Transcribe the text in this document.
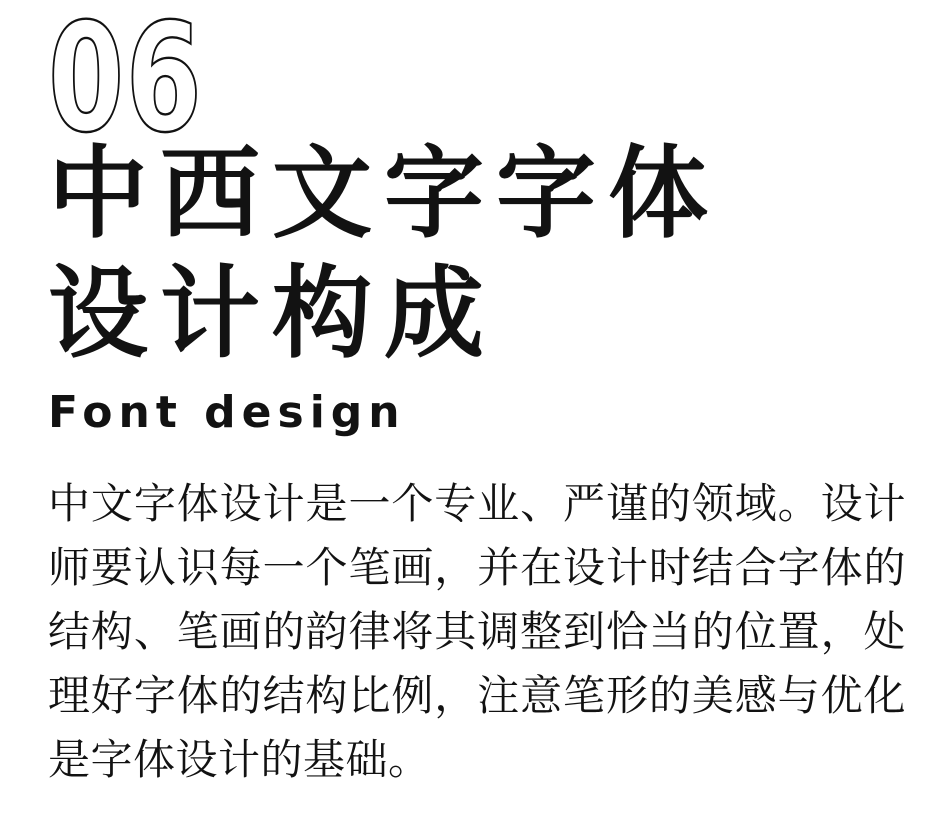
06
中西文字字体
设计构成
Font design

中文字体设计是一个专业、严谨的领域。设计师要认识每一个笔画，并在设计时结合字体的结构、笔画的韵律将其调整到恰当的位置，处理好字体的结构比例，注意笔形的美感与优化是字体设计的基础。
